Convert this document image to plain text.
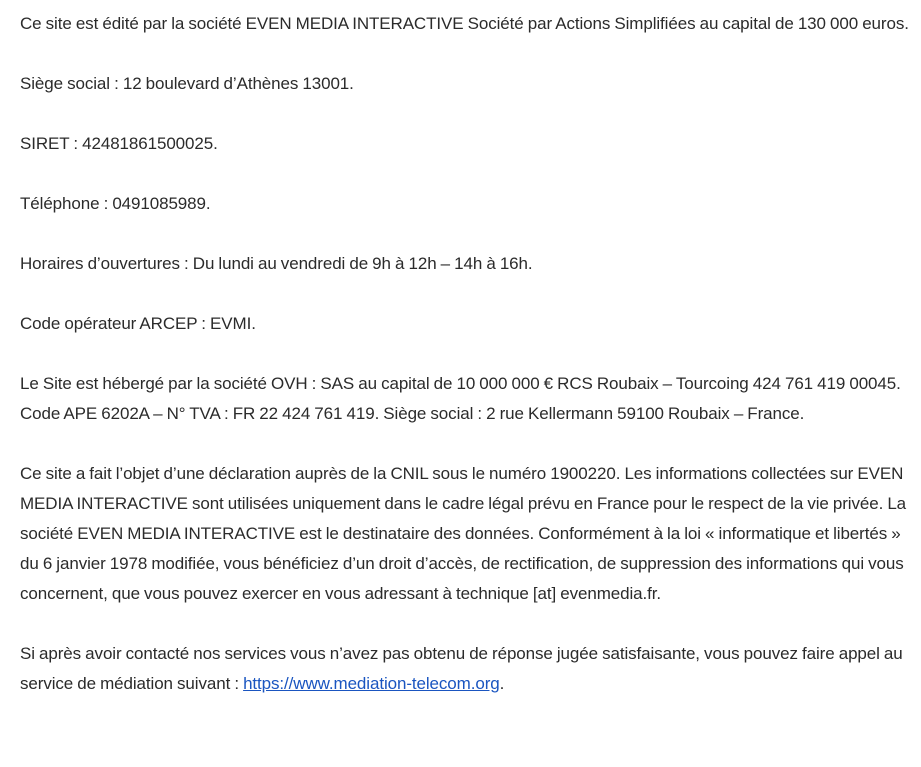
Ce site est édité par la société EVEN MEDIA INTERACTIVE Société par Actions Simplifiées au capital de 130 000 euros.

Siège social : 12 boulevard d’Athènes 13001.

SIRET : 42481861500025.

Téléphone : 0491085989.

Horaires d’ouvertures : Du lundi au vendredi de 9h à 12h – 14h à 16h.

Code opérateur ARCEP : EVMI.

Le Site est hébergé par la société OVH : SAS au capital de 10 000 000 € RCS Roubaix – Tourcoing 424 761 419 00045. Code APE 6202A – N° TVA : FR 22 424 761 419. Siège social : 2 rue Kellermann 59100 Roubaix – France.

Ce site a fait l’objet d’une déclaration auprès de la CNIL sous le numéro 1900220. Les informations collectées sur EVEN MEDIA INTERACTIVE sont utilisées uniquement dans le cadre légal prévu en France pour le respect de la vie privée. La société EVEN MEDIA INTERACTIVE est le destinataire des données. Conformément à la loi « informatique et libertés » du 6 janvier 1978 modifiée, vous bénéficiez d’un droit d’accès, de rectification, de suppression des informations qui vous concernent, que vous pouvez exercer en vous adressant à technique [at] evenmedia.fr.

Si après avoir contacté nos services vous n’avez pas obtenu de réponse jugée satisfaisante, vous pouvez faire appel au service de médiation suivant : https://www.mediation-telecom.org.
